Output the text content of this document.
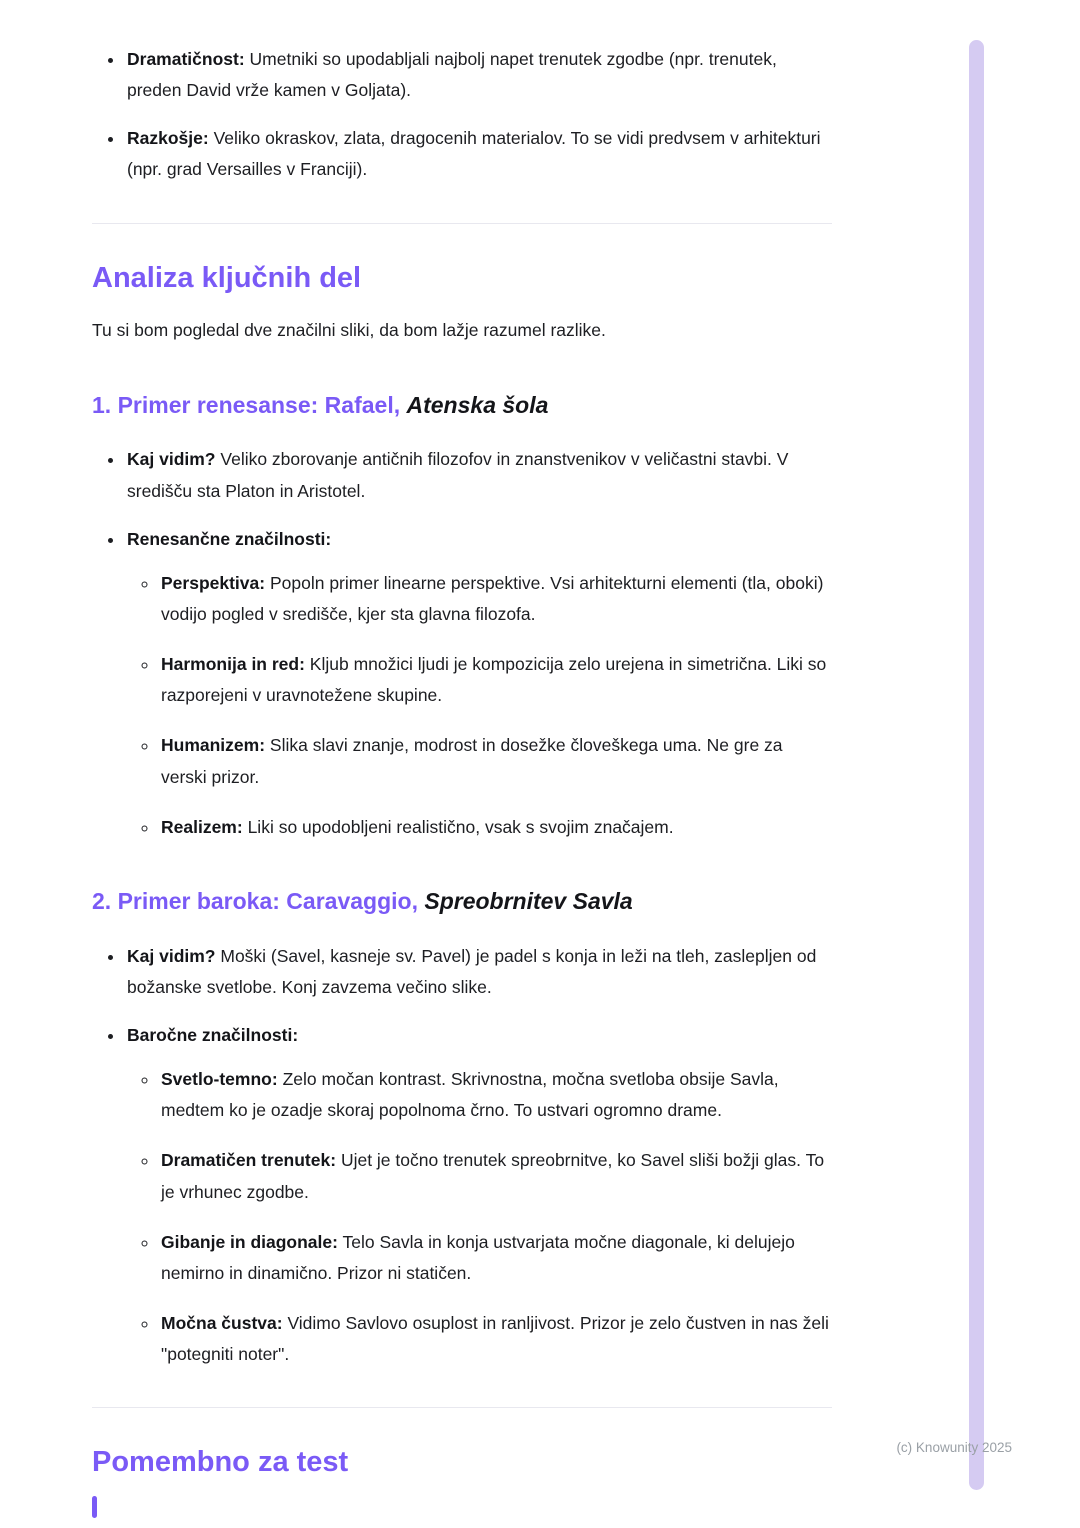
• Dramatičnost: Umetniki so upodabljali najbolj napet trenutek zgodbe (npr. trenutek, preden David vrže kamen v Goljata).
• Razkošje: Veliko okraskov, zlata, dragocenih materialov. To se vidi predvsem v arhitekturi (npr. grad Versailles v Franciji).
Analiza ključnih del

Tu si bom pogledal dve značilni sliki, da bom lažje razumel razlike.

1. Primer renesanse: Rafael, Atenska šola
• Kaj vidim? Veliko zborovanje antičnih filozofov in znanstvenikov v veličastni stavbi. V središču sta Platon in Aristotel.
• Renesančne značilnosti:
◦ Perspektiva: Popoln primer linearne perspektive. Vsi arhitekturni elementi (tla, oboki) vodijo pogled v središče, kjer sta glavna filozofa.
◦ Harmonija in red: Kljub množici ljudi je kompozicija zelo urejena in simetrična. Liki so razporejeni v uravnotežene skupine.
◦ Humanizem: Slika slavi znanje, modrost in dosežke človeškega uma. Ne gre za verski prizor.
◦ Realizem: Liki so upodobljeni realistično, vsak s svojim značajem.
2. Primer baroka: Caravaggio, Spreobrnitev Savla
• Kaj vidim? Moški (Savel, kasneje sv. Pavel) je padel s konja in leži na tleh, zaslepljen od božanske svetlobe. Konj zavzema večino slike.
• Baročne značilnosti:
◦ Svetlo-temno: Zelo močan kontrast. Skrivnostna, močna svetloba obsije Savla, medtem ko je ozadje skoraj popolnoma črno. To ustvari ogromno drame.
◦ Dramatičen trenutek: Ujet je točno trenutek spreobrnitve, ko Savel sliši božji glas. To je vrhunec zgodbe.
◦ Gibanje in diagonale: Telo Savla in konja ustvarjata močne diagonale, ki delujejo nemirno in dinamično. Prizor ni statičen.
◦ Močna čustva: Vidimo Savlovo osuplost in ranljivost. Prizor je zelo čustven in nas želi "potegniti noter".
Pomembno za test	(c) Knowunity 2025
